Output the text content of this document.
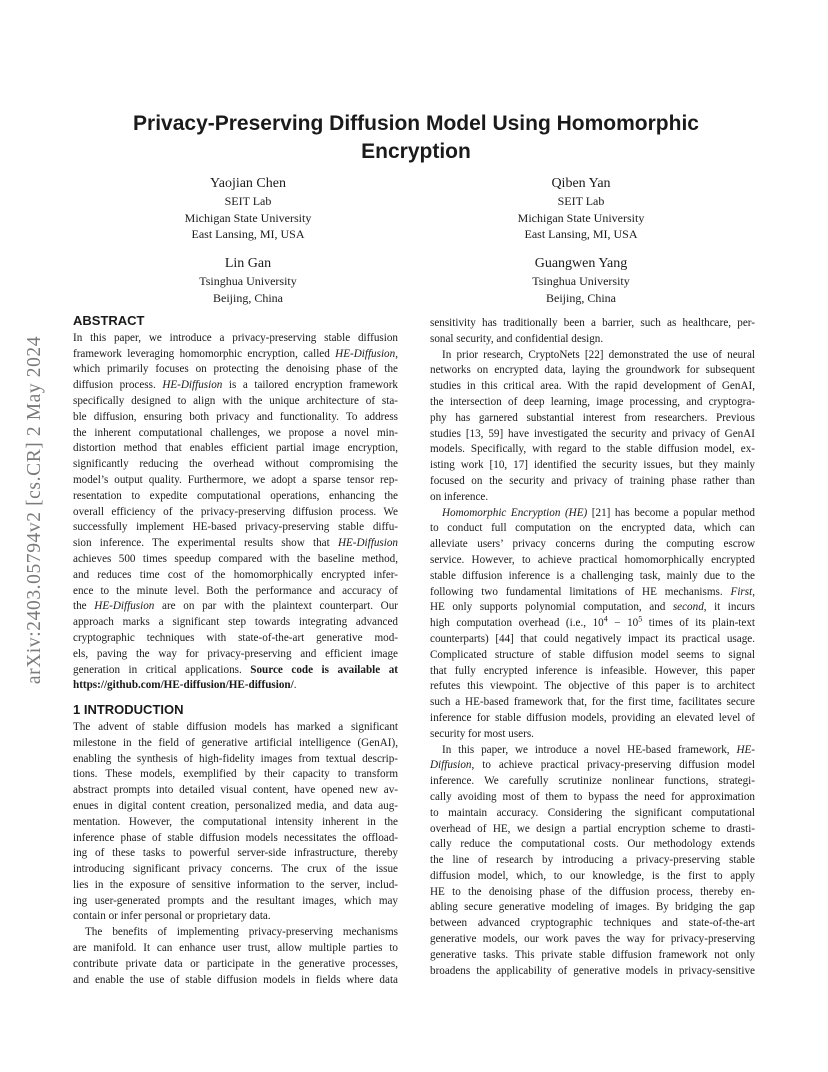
arXiv:2403.05794v2 [cs.CR] 2 May 2024
Privacy-Preserving Diffusion Model Using Homomorphic
Encryption
Yaojian Chen
SEIT Lab
Michigan State University
East Lansing, MI, USA
Qiben Yan
SEIT Lab
Michigan State University
East Lansing, MI, USA
Lin Gan
Tsinghua University
Beijing, China
Guangwen Yang
Tsinghua University
Beijing, China
ABSTRACT

In this paper, we introduce a privacy-preserving stable diffusion
framework leveraging homomorphic encryption, called HE-Diffusion,
which primarily focuses on protecting the denoising phase of the
diffusion process. HE-Diffusion is a tailored encryption framework
specifically designed to align with the unique architecture of sta-
ble diffusion, ensuring both privacy and functionality. To address
the inherent computational challenges, we propose a novel min-
distortion method that enables efficient partial image encryption,
significantly reducing the overhead without compromising the
model’s output quality. Furthermore, we adopt a sparse tensor rep-
resentation to expedite computational operations, enhancing the
overall efficiency of the privacy-preserving diffusion process. We
successfully implement HE-based privacy-preserving stable diffu-
sion inference. The experimental results show that HE-Diffusion
achieves 500 times speedup compared with the baseline method,
and reduces time cost of the homomorphically encrypted infer-
ence to the minute level. Both the performance and accuracy of
the HE-Diffusion are on par with the plaintext counterpart. Our
approach marks a significant step towards integrating advanced
cryptographic techniques with state-of-the-art generative mod-
els, paving the way for privacy-preserving and efficient image
generation in critical applications. Source code is available at
https://github.com/HE-diffusion/HE-diffusion/.

1 INTRODUCTION

The advent of stable diffusion models has marked a significant
milestone in the field of generative artificial intelligence (GenAI),
enabling the synthesis of high-fidelity images from textual descrip-
tions. These models, exemplified by their capacity to transform
abstract prompts into detailed visual content, have opened new av-
enues in digital content creation, personalized media, and data aug-
mentation. However, the computational intensity inherent in the
inference phase of stable diffusion models necessitates the offload-
ing of these tasks to powerful server-side infrastructure, thereby
introducing significant privacy concerns. The crux of the issue
lies in the exposure of sensitive information to the server, includ-
ing user-generated prompts and the resultant images, which may
contain or infer personal or proprietary data.

The benefits of implementing privacy-preserving mechanisms
are manifold. It can enhance user trust, allow multiple parties to
contribute private data or participate in the generative processes,
and enable the use of stable diffusion models in fields where data

sensitivity has traditionally been a barrier, such as healthcare, per-
sonal security, and confidential design.

In prior research, CryptoNets [22] demonstrated the use of neural
networks on encrypted data, laying the groundwork for subsequent
studies in this critical area. With the rapid development of GenAI,
the intersection of deep learning, image processing, and cryptogra-
phy has garnered substantial interest from researchers. Previous
studies [13, 59] have investigated the security and privacy of GenAI
models. Specifically, with regard to the stable diffusion model, ex-
isting work [10, 17] identified the security issues, but they mainly
focused on the security and privacy of training phase rather than
on inference.

Homomorphic Encryption (HE) [21] has become a popular method
to conduct full computation on the encrypted data, which can
alleviate users’ privacy concerns during the computing escrow
service. However, to achieve practical homomorphically encrypted
stable diffusion inference is a challenging task, mainly due to the
following two fundamental limitations of HE mechanisms. First,
HE only supports polynomial computation, and second, it incurs
high computation overhead (i.e., $10^4 - 10^5$ times of its plain-text
counterparts) [44] that could negatively impact its practical usage.
Complicated structure of stable diffusion model seems to signal
that fully encrypted inference is infeasible. However, this paper
refutes this viewpoint. The objective of this paper is to architect
such a HE-based framework that, for the first time, facilitates secure
inference for stable diffusion models, providing an elevated level of
security for most users.

In this paper, we introduce a novel HE-based framework, HE-
Diffusion, to achieve practical privacy-preserving diffusion model
inference. We carefully scrutinize nonlinear functions, strategi-
cally avoiding most of them to bypass the need for approximation
to maintain accuracy. Considering the significant computational
overhead of HE, we design a partial encryption scheme to drasti-
cally reduce the computational costs. Our methodology extends
the line of research by introducing a privacy-preserving stable
diffusion model, which, to our knowledge, is the first to apply
HE to the denoising phase of the diffusion process, thereby en-
abling secure generative modeling of images. By bridging the gap
between advanced cryptographic techniques and state-of-the-art
generative models, our work paves the way for privacy-preserving
generative tasks. This private stable diffusion framework not only
broadens the applicability of generative models in privacy-sensitive
